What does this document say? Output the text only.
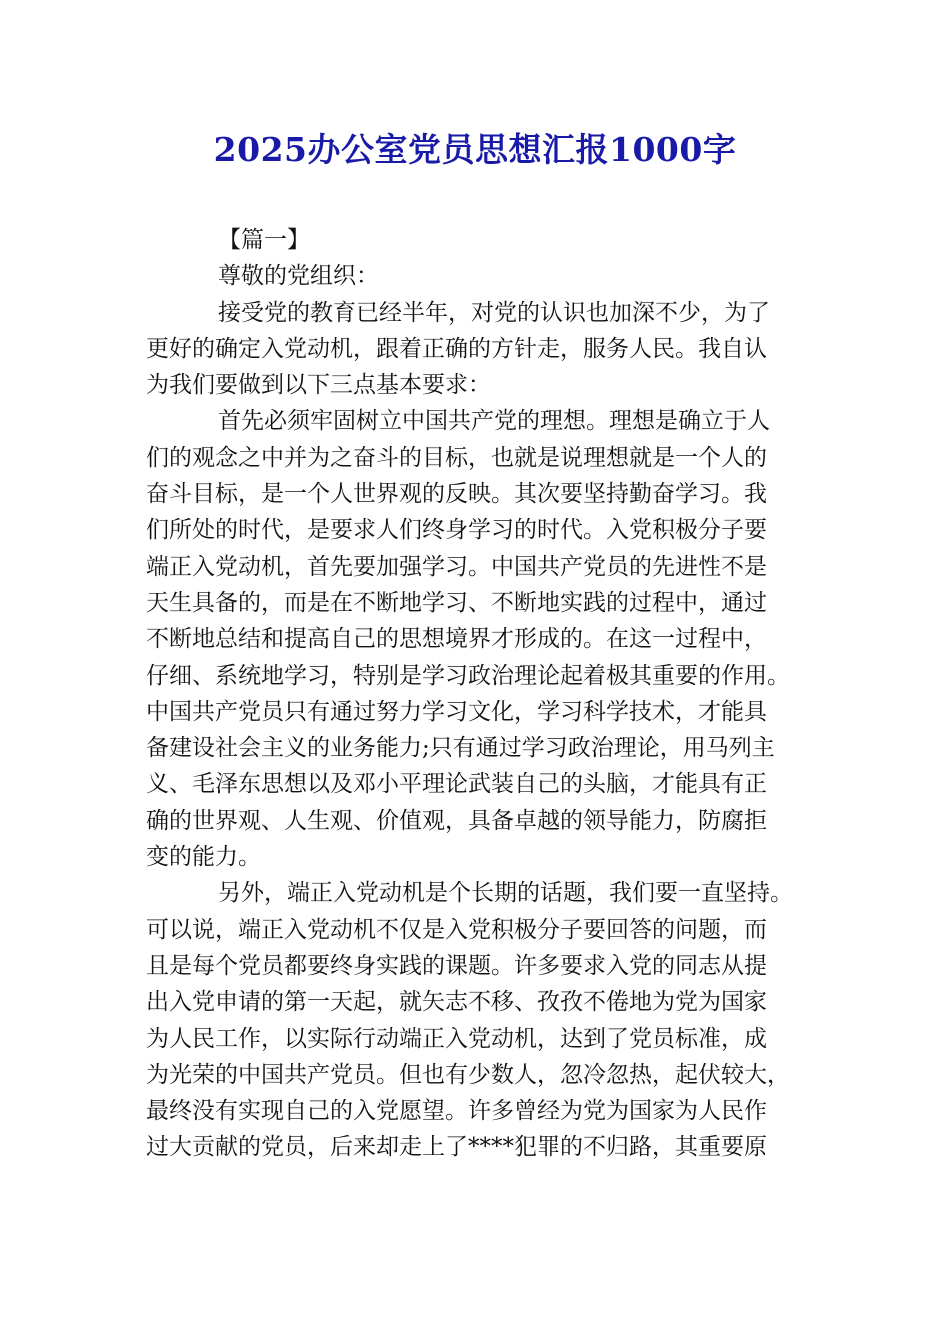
2025办公室党员思想汇报1000字
【篇一】
尊敬的党组织：
接受党的教育已经半年，对党的认识也加深不少，为了
更好的确定入党动机，跟着正确的方针走，服务人民。我自认
为我们要做到以下三点基本要求：
首先必须牢固树立中国共产党的理想。理想是确立于人
们的观念之中并为之奋斗的目标，也就是说理想就是一个人的
奋斗目标，是一个人世界观的反映。其次要坚持勤奋学习。我
们所处的时代，是要求人们终身学习的时代。入党积极分子要
端正入党动机，首先要加强学习。中国共产党员的先进性不是
天生具备的，而是在不断地学习、不断地实践的过程中，通过
不断地总结和提高自己的思想境界才形成的。在这一过程中，
仔细、系统地学习，特别是学习政治理论起着极其重要的作用。
中国共产党员只有通过努力学习文化，学习科学技术，才能具
备建设社会主义的业务能力;只有通过学习政治理论，用马列主
义、毛泽东思想以及邓小平理论武装自己的头脑，才能具有正
确的世界观、人生观、价值观，具备卓越的领导能力，防腐拒
变的能力。
另外，端正入党动机是个长期的话题，我们要一直坚持。
可以说，端正入党动机不仅是入党积极分子要回答的问题，而
且是每个党员都要终身实践的课题。许多要求入党的同志从提
出入党申请的第一天起，就矢志不移、孜孜不倦地为党为国家
为人民工作，以实际行动端正入党动机，达到了党员标准，成
为光荣的中国共产党员。但也有少数人，忽冷忽热，起伏较大，
最终没有实现自己的入党愿望。许多曾经为党为国家为人民作
过大贡献的党员，后来却走上了****犯罪的不归路，其重要原
